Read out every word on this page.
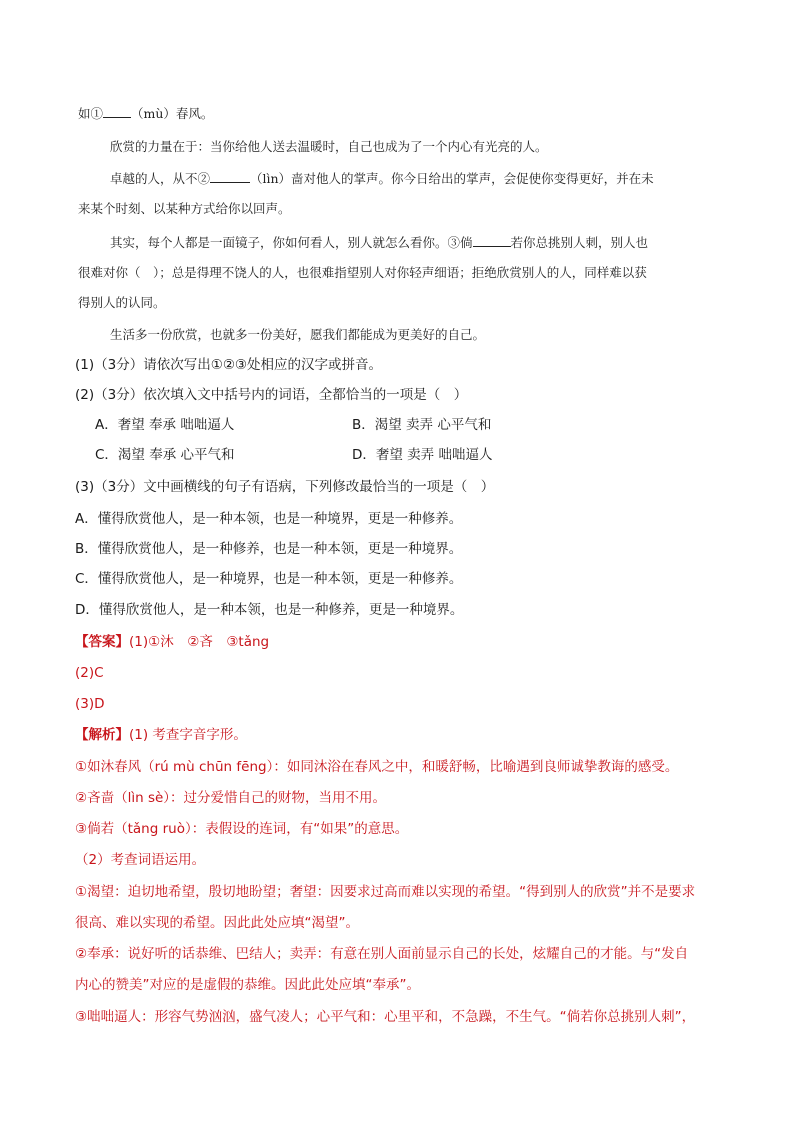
如① （mù）春风。
欣赏的力量在于：当你给他人送去温暖时，自己也成为了一个内心有光亮的人。
卓越的人，从不②	（lìn）啬对他人的掌声。你今日给出的掌声，会促使你变得更好，并在未
来某个时刻、以某种方式给你以回声。
其实，每个人都是一面镜子，你如何看人，别人就怎么看你。③倘	若你总挑别人刺，别人也
很难对你（　）；总是得理不饶人的人，也很难指望别人对你轻声细语；拒绝欣赏别人的人，同样难以获
得别人的认同。
生活多一份欣赏，也就多一份美好，愿我们都能成为更美好的自己。
(1)（3分）请依次写出①②③处相应的汉字或拼音。
(2)（3分）依次填入文中括号内的词语，全都恰当的一项是（　）
A．奢望 奉承 咄咄逼人	B．渴望 卖弄 心平气和
C．渴望 奉承 心平气和	D．奢望 卖弄 咄咄逼人
(3)（3分）文中画横线的句子有语病，下列修改最恰当的一项是（　）
A．懂得欣赏他人，是一种本领，也是一种境界，更是一种修养。
B．懂得欣赏他人，是一种修养，也是一种本领，更是一种境界。
C．懂得欣赏他人，是一种境界，也是一种本领，更是一种修养。
D．懂得欣赏他人，是一种本领，也是一种修养，更是一种境界。
【答案】(1)①沐　②吝　③tǎng
(2)C
(3)D
【解析】(1) 考查字音字形。
①如沐春风（rú mù chūn fēng）：如同沐浴在春风之中，和暖舒畅，比喻遇到良师诚挚教诲的感受。
②吝啬（lìn sè）：过分爱惜自己的财物，当用不用。
③倘若（tǎng ruò）：表假设的连词，有“如果”的意思。
（2）考查词语运用。
①渴望：迫切地希望，殷切地盼望；奢望：因要求过高而难以实现的希望。“得到别人的欣赏”并不是要求
很高、难以实现的希望。因此此处应填“渴望”。
②奉承：说好听的话恭维、巴结人；卖弄：有意在别人面前显示自己的长处，炫耀自己的才能。与“发自
内心的赞美”对应的是虚假的恭维。因此此处应填“奉承”。
③咄咄逼人：形容气势汹汹，盛气凌人；心平气和：心里平和，不急躁，不生气。“倘若你总挑别人刺”，
